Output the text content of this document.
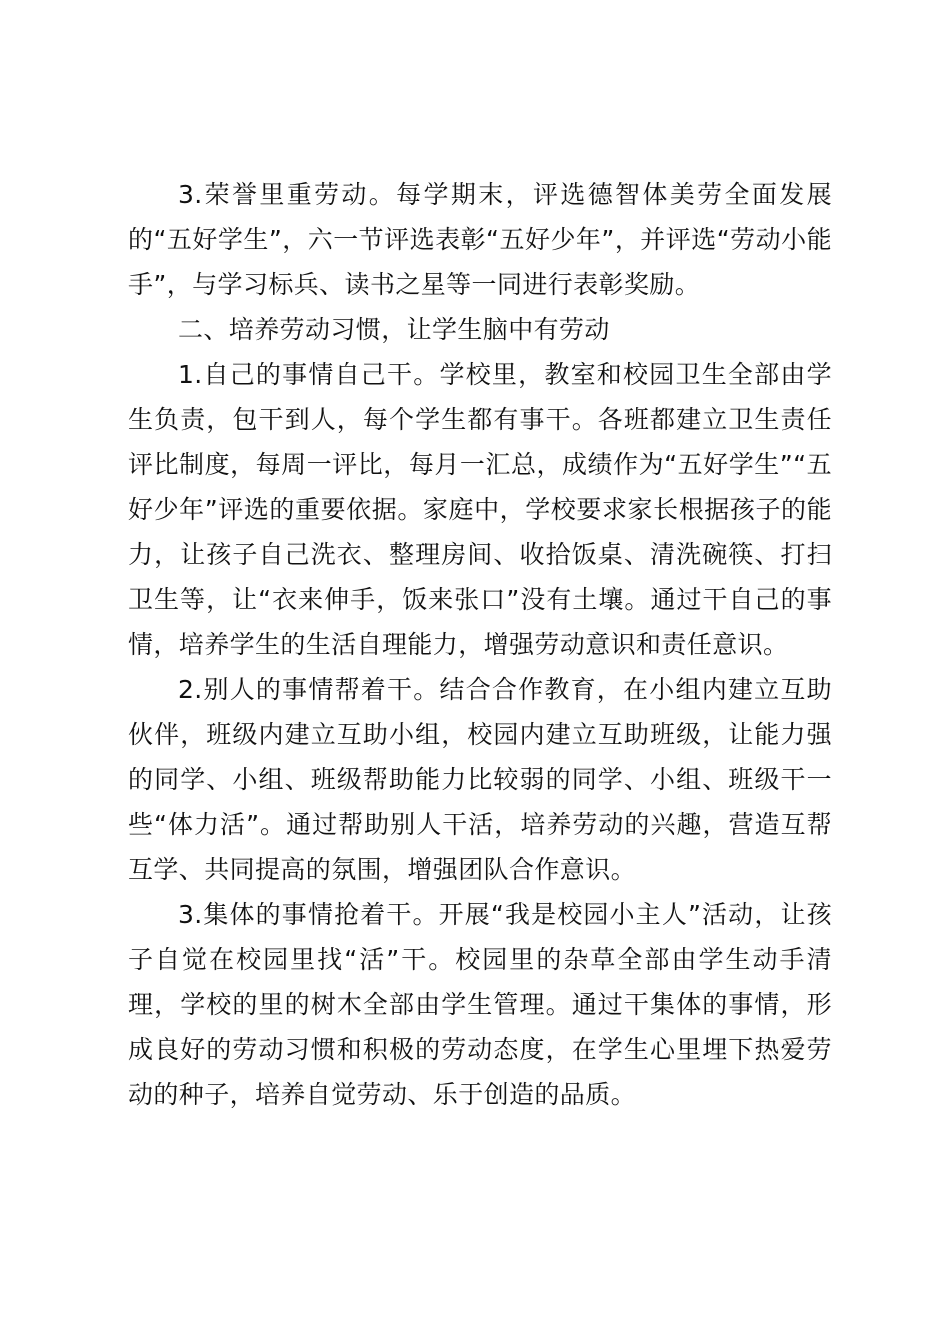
3.荣誉里重劳动。每学期末，评选德智体美劳全面发展的“五好学生”，六一节评选表彰“五好少年”，并评选“劳动小能手”，与学习标兵、读书之星等一同进行表彰奖励。

二、培养劳动习惯，让学生脑中有劳动

1.自己的事情自己干。学校里，教室和校园卫生全部由学生负责，包干到人，每个学生都有事干。各班都建立卫生责任评比制度，每周一评比，每月一汇总，成绩作为“五好学生”“五好少年”评选的重要依据。家庭中，学校要求家长根据孩子的能力，让孩子自己洗衣、整理房间、收拾饭桌、清洗碗筷、打扫卫生等，让“衣来伸手，饭来张口”没有土壤。通过干自己的事情，培养学生的生活自理能力，增强劳动意识和责任意识。

2.别人的事情帮着干。结合合作教育，在小组内建立互助伙伴，班级内建立互助小组，校园内建立互助班级，让能力强的同学、小组、班级帮助能力比较弱的同学、小组、班级干一些“体力活”。通过帮助别人干活，培养劳动的兴趣，营造互帮互学、共同提高的氛围，增强团队合作意识。

3.集体的事情抢着干。开展“我是校园小主人”活动，让孩子自觉在校园里找“活”干。校园里的杂草全部由学生动手清理，学校的里的树木全部由学生管理。通过干集体的事情，形成良好的劳动习惯和积极的劳动态度，在学生心里埋下热爱劳动的种子，培养自觉劳动、乐于创造的品质。
